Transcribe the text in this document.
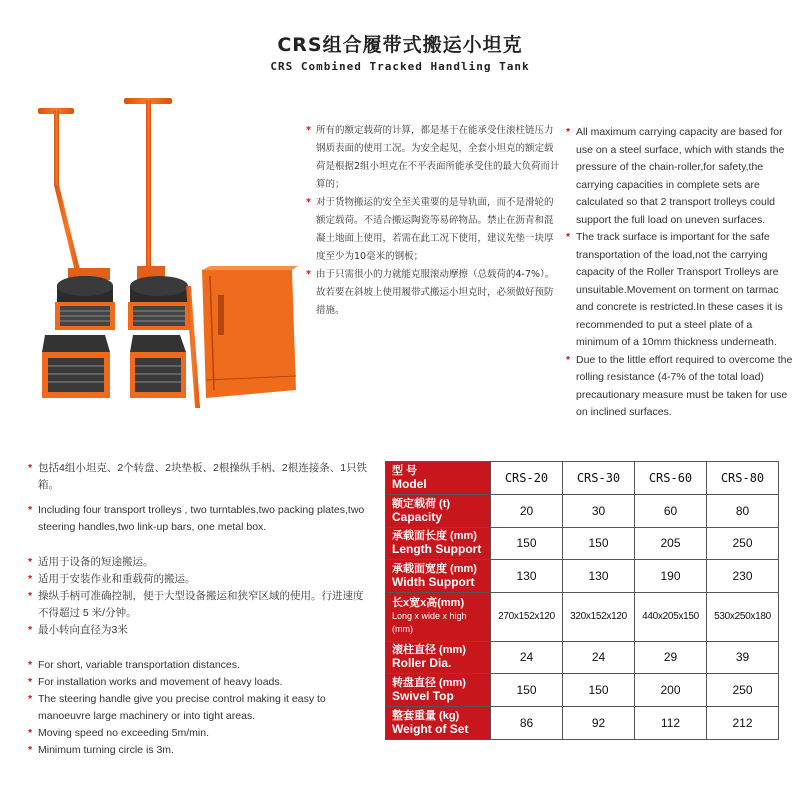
CRS组合履带式搬运小坦克
CRS Combined Tracked Handling Tank
* 所有的额定载荷的计算，都是基于在能承受住滚柱链压力钢质表面的使用工况。为安全起见，全套小坦克的额定载荷是根据2组小坦克在不平表面所能承受住的最大负荷而计算的；
* 对于货物搬运的安全至关重要的是导轨面，而不是滑轮的额定载荷。不适合搬运陶瓷等易碎物品。禁止在沥青和混凝土地面上使用，若需在此工况下使用，建议先垫一块厚度至少为10毫米的钢板；
* 由于只需很小的力就能克服滚动摩擦（总载荷的4-7%）。故若要在斜坡上使用履带式搬运小坦克时，必须做好预防措施。
* All maximum carrying capacity are based for use on a steel surface, which with stands the pressure of the chain-roller,for safety,the carrying capacities in complete sets are calculated so that 2 transport trolleys could support the full load on uneven surfaces.
* The track surface is important for the safe transportation of the load,not the carrying capacity of the Roller Transport Trolleys are unsuitable.Movement on torment on tarmac and concrete is restricted.In these cases it is recommended to put a steel plate of a minimum of a 10mm thickness underneath.
* Due to the little effort required to overcome the rolling resistance (4-7% of the total load) precautionary measure must be taken for use on inclined surfaces.
* 包括4组小坦克、2个转盘、2块垫板、2根操纵手柄、2根连接条、1只铁箱。
* Including four transport trolleys , two turntables,two packing plates,two steering handles,two link-up bars, one metal box.
* 适用于设备的短途搬运。
* 适用于安装作业和重载荷的搬运。
* 操纵手柄可准确控制，便于大型设备搬运和狭窄区域的使用。行进速度不得超过 5 米/分钟。
* 最小转向直径为3米
* For short, variable transportation distances.
* For installation works and movement of heavy loads.
* The steering handle give you precise control making it easy to manoeuvre large machinery or into tight areas.
* Moving speed no exceeding 5m/min.
* Minimum turning circle is 3m.
型 号
Model	CRS-20	CRS-30	CRS-60	CRS-80
额定载荷 (t)
Capacity	20	30	60	80
承载面长度 (mm)
Length Support	150	150	205	250
承载面宽度 (mm)
Width Support	130	130	190	230
长x宽x高(mm)
Long x wide x high (mm)	270x152x120	320x152x120	440x205x150	530x250x180
滚柱直径 (mm)
Roller Dia.	24	24	29	39
转盘直径 (mm)
Swivel Top	150	150	200	250
整套重量 (kg)
Weight of Set	86	92	112	212
